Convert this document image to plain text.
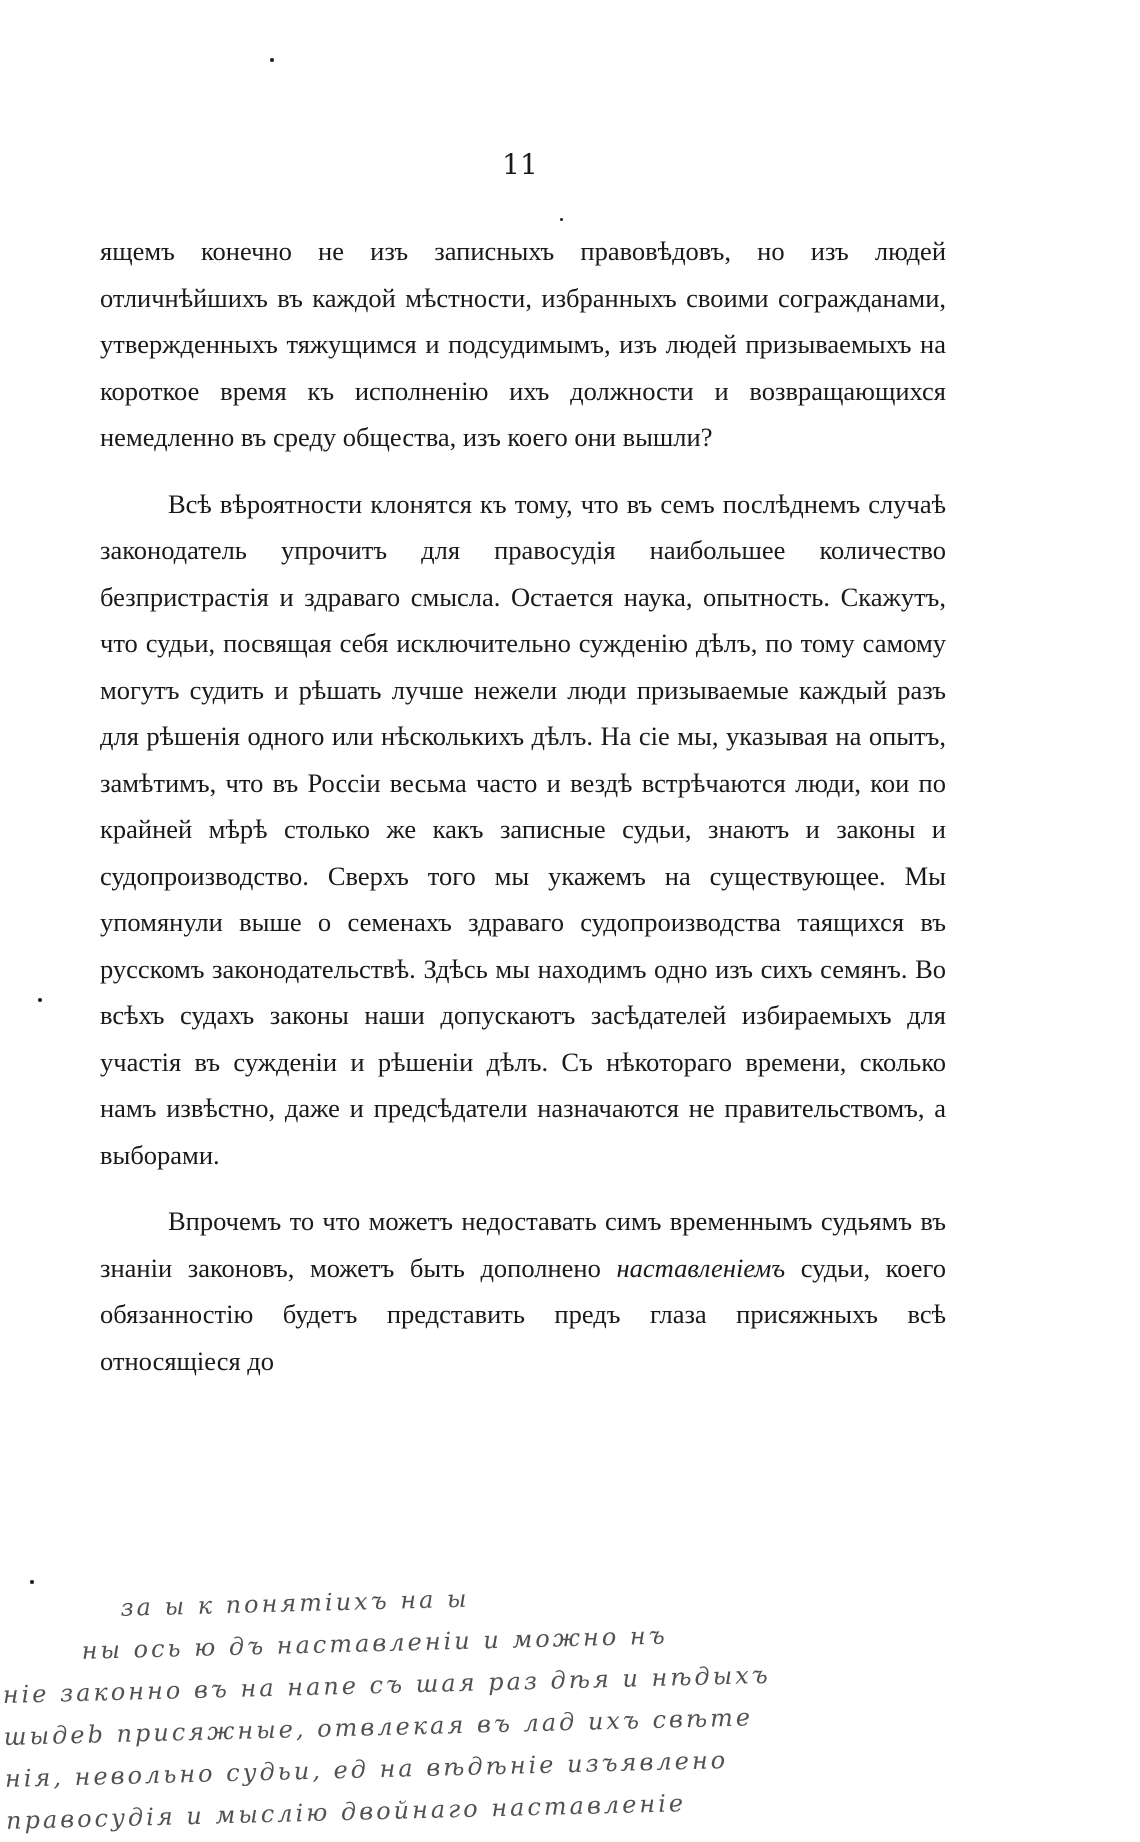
11

ящемъ конечно не изъ записныхъ правовѣдовъ, но изъ людей отличнѣйшихъ въ каждой мѣстности, избранныхъ своими согражданами, утвержденныхъ тяжущимся и подсудимымъ, изъ людей призываемыхъ на короткое время къ исполненiю ихъ должности и возвращающихся немедленно въ среду общества, изъ коего они вышли?

Всѣ вѣроятности клонятся къ тому, что въ семъ послѣднемъ случаѣ законодатель упрочитъ для правосудiя наибольшее количество безпристрастiя и здраваго смысла. Остается наука, опытность. Скажутъ, что судьи, посвящая себя исключительно сужденiю дѣлъ, по тому самому могутъ судить и рѣшать лучше нежели люди призываемые каждый разъ для рѣшенiя одного или нѣсколькихъ дѣлъ. На сiе мы, указывая на опытъ, замѣтимъ, что въ Россiи весьма часто и вездѣ встрѣчаются люди, кои по крайней мѣрѣ столько же какъ записные судьи, знаютъ и законы и судопроизводство. Сверхъ того мы укажемъ на существующее. Мы упомянули выше о семенахъ здраваго судопроизводства таящихся въ русскомъ законодательствѣ. Здѣсь мы находимъ одно изъ сихъ семянъ. Во всѣхъ судахъ законы наши допускаютъ засѣдателей избираемыхъ для участiя въ сужденiи и рѣшенiи дѣлъ. Съ нѣкотораго времени, сколько намъ извѣстно, даже и предсѣдатели назначаются не правительствомъ, а выборами.

Впрочемъ то что можетъ недоставать симъ временнымъ судьямъ въ знанiи законовъ, можетъ быть дополнено наставленiемъ судьи, коего обязанностiю будетъ представить предъ глаза присяжныхъ всѣ относящiеся до

за ы к понятiихъ на ы
ны ось ю дъ наставленiи и можно нъ
нiе законно въ на напе съ шая раз дѣя и нѣдыхъ
шыдеb присяжные, отвлекая въ лад ихъ свѣтe
нiя, невольно судьи, ед на вѣдѣнiе изъявлено
правосудiя и мыслiю двойнаго наставленiе
